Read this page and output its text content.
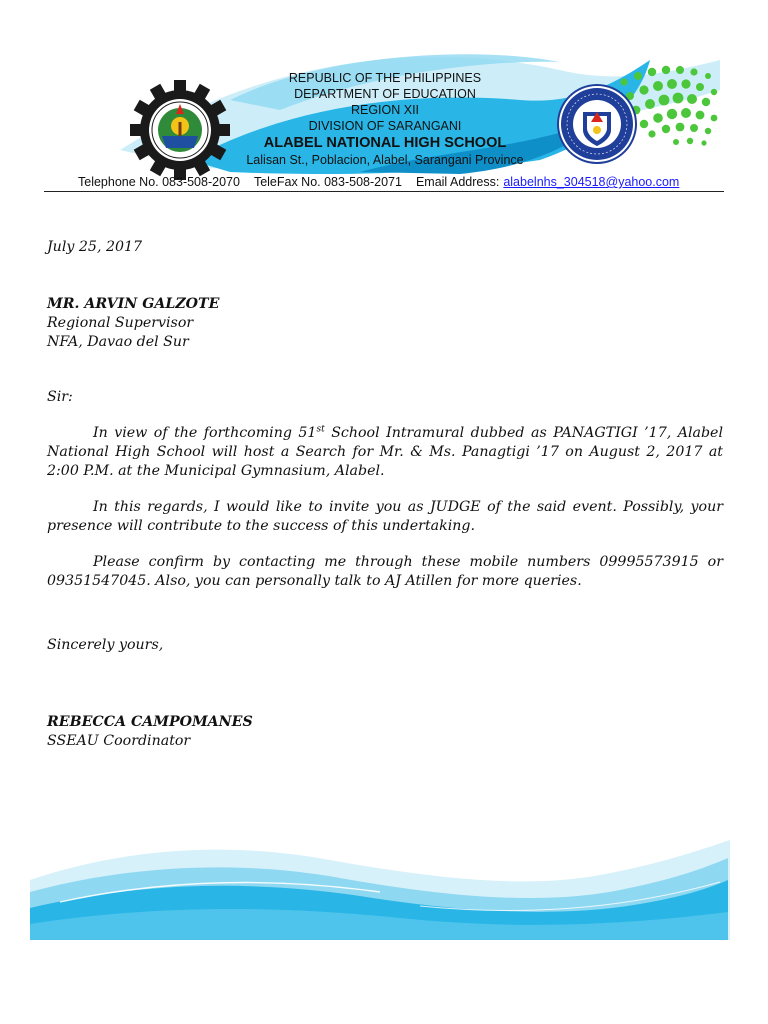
REPUBLIC OF THE PHILIPPINES
DEPARTMENT OF EDUCATION
REGION XII
DIVISION OF SARANGANI
ALABEL NATIONAL HIGH SCHOOL
Lalisan St., Poblacion, Alabel, Sarangani Province
Telephone No. 083-508-2070 TeleFax No. 083-508-2071 Email Address: alabelnhs_304518@yahoo.com
July 25, 2017
MR. ARVIN GALZOTE
Regional Supervisor
NFA, Davao del Sur
Sir:
In view of the forthcoming 51st School Intramural dubbed as PANAGTIGI ’17, Alabel National High School will host a Search for Mr. & Ms. Panagtigi ’17 on August 2, 2017 at 2:00 P.M. at the Municipal Gymnasium, Alabel.
In this regards, I would like to invite you as JUDGE of the said event. Possibly, your presence will contribute to the success of this undertaking.
Please confirm by contacting me through these mobile numbers 09995573915 or 09351547045. Also, you can personally talk to AJ Atillen for more queries.
Sincerely yours,
REBECCA CAMPOMANES
SSEAU Coordinator
